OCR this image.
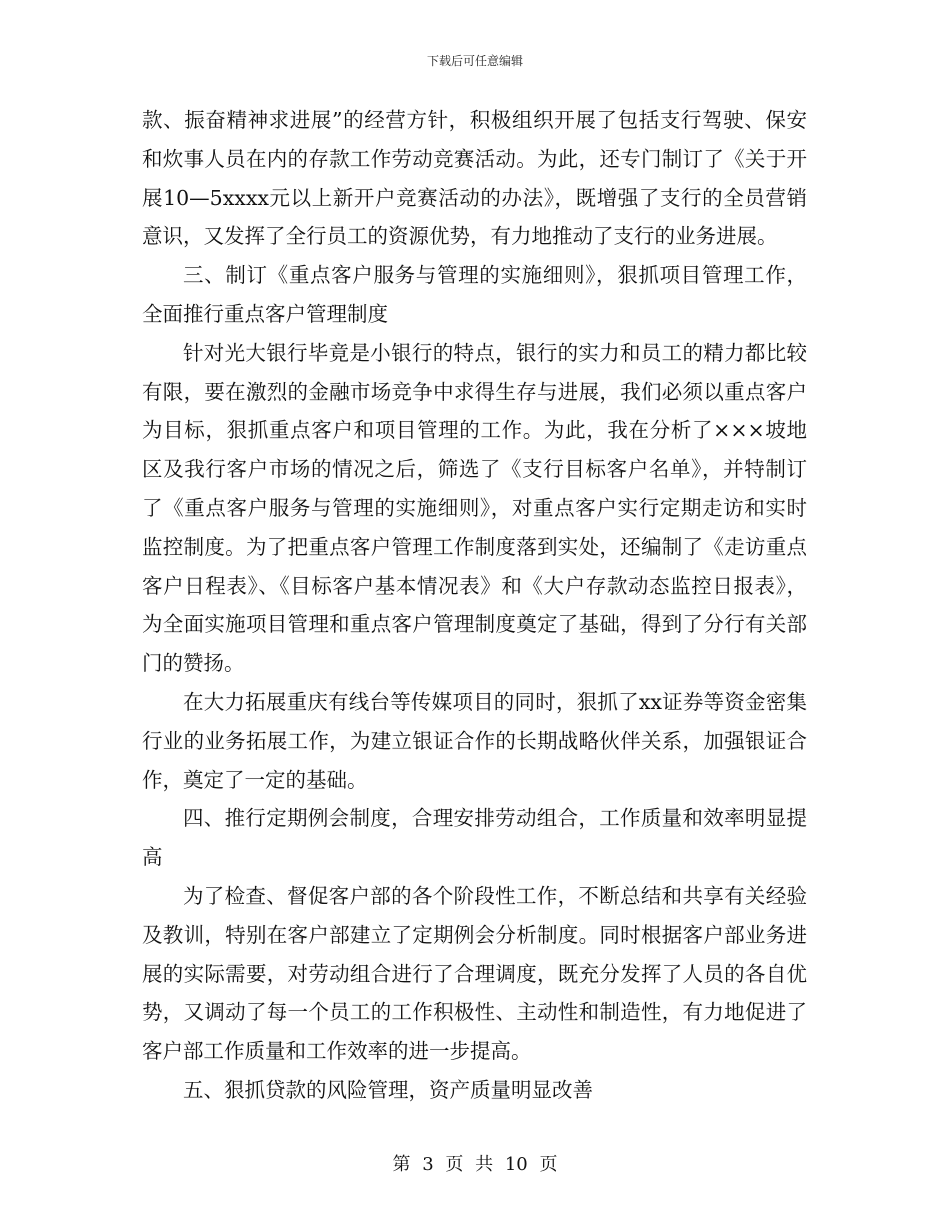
下载后可任意编辑

款、振奋精神求进展”的经营方针，积极组织开展了包括支行驾驶、保安和炊事人员在内的存款工作劳动竞赛活动。为此，还专门制订了《关于开展10—5xxxx元以上新开户竞赛活动的办法》，既增强了支行的全员营销意识，又发挥了全行员工的资源优势，有力地推动了支行的业务进展。

三、制订《重点客户服务与管理的实施细则》，狠抓项目管理工作，全面推行重点客户管理制度

针对光大银行毕竟是小银行的特点，银行的实力和员工的精力都比较有限，要在激烈的金融市场竞争中求得生存与进展，我们必须以重点客户为目标，狠抓重点客户和项目管理的工作。为此，我在分析了×××坡地区及我行客户市场的情况之后，筛选了《支行目标客户名单》，并特制订了《重点客户服务与管理的实施细则》，对重点客户实行定期走访和实时监控制度。为了把重点客户管理工作制度落到实处，还编制了《走访重点客户日程表》、《目标客户基本情况表》和《大户存款动态监控日报表》，为全面实施项目管理和重点客户管理制度奠定了基础，得到了分行有关部门的赞扬。

在大力拓展重庆有线台等传媒项目的同时，狠抓了xx证券等资金密集行业的业务拓展工作，为建立银证合作的长期战略伙伴关系，加强银证合作，奠定了一定的基础。

四、推行定期例会制度，合理安排劳动组合，工作质量和效率明显提高

为了检查、督促客户部的各个阶段性工作，不断总结和共享有关经验及教训，特别在客户部建立了定期例会分析制度。同时根据客户部业务进展的实际需要，对劳动组合进行了合理调度，既充分发挥了人员的各自优势，又调动了每一个员工的工作积极性、主动性和制造性，有力地促进了客户部工作质量和工作效率的进一步提高。

五、狠抓贷款的风险管理，资产质量明显改善

第 3 页 共 10 页
